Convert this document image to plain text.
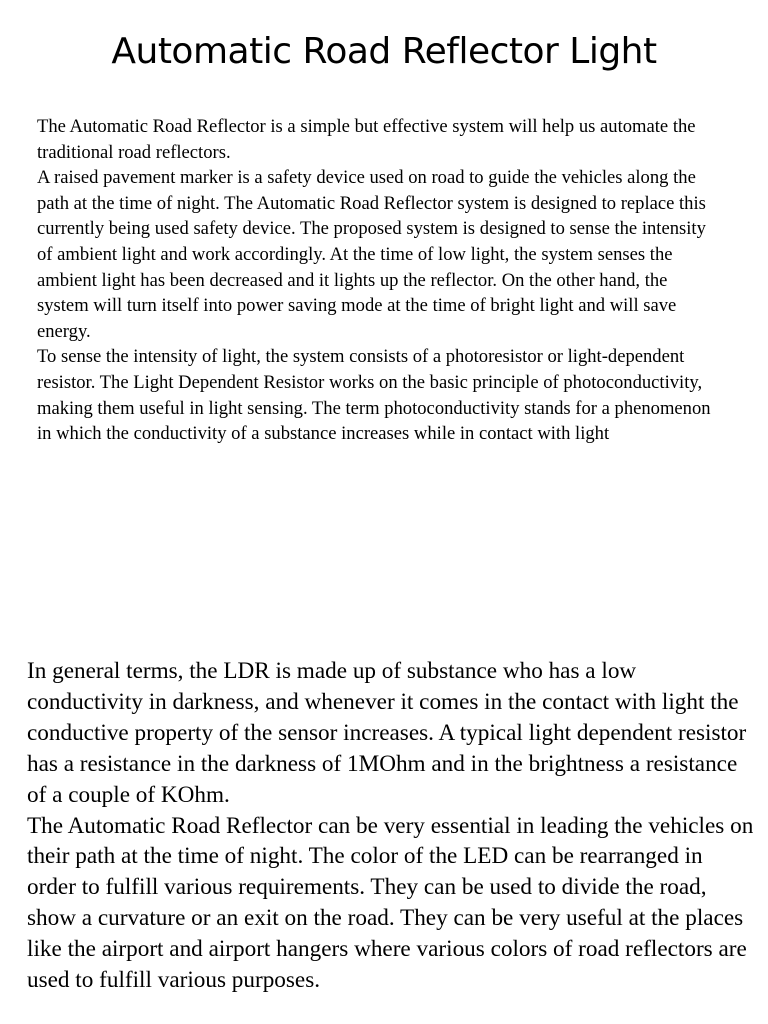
Automatic Road Reflector Light

The Automatic Road Reflector is a simple but effective system will help us automate the traditional road reflectors.

A raised pavement marker is a safety device used on road to guide the vehicles along the path at the time of night. The Automatic Road Reflector system is designed to replace this currently being used safety device. The proposed system is designed to sense the intensity of ambient light and work accordingly. At the time of low light, the system senses the ambient light has been decreased and it lights up the reflector. On the other hand, the system will turn itself into power saving mode at the time of bright light and will save energy.

To sense the intensity of light, the system consists of a photoresistor or light-dependent resistor. The Light Dependent Resistor works on the basic principle of photoconductivity, making them useful in light sensing. The term photoconductivity stands for a phenomenon in which the conductivity of a substance increases while in contact with light

In general terms, the LDR is made up of substance who has a low conductivity in darkness, and whenever it comes in the contact with light the conductive property of the sensor increases. A typical light dependent resistor has a resistance in the darkness of 1MOhm and in the brightness a resistance of a couple of KOhm.

The Automatic Road Reflector can be very essential in leading the vehicles on their path at the time of night. The color of the LED can be rearranged in order to fulfill various requirements. They can be used to divide the road, show a curvature or an exit on the road. They can be very useful at the places like the airport and airport hangers where various colors of road reflectors are used to fulfill various purposes.
